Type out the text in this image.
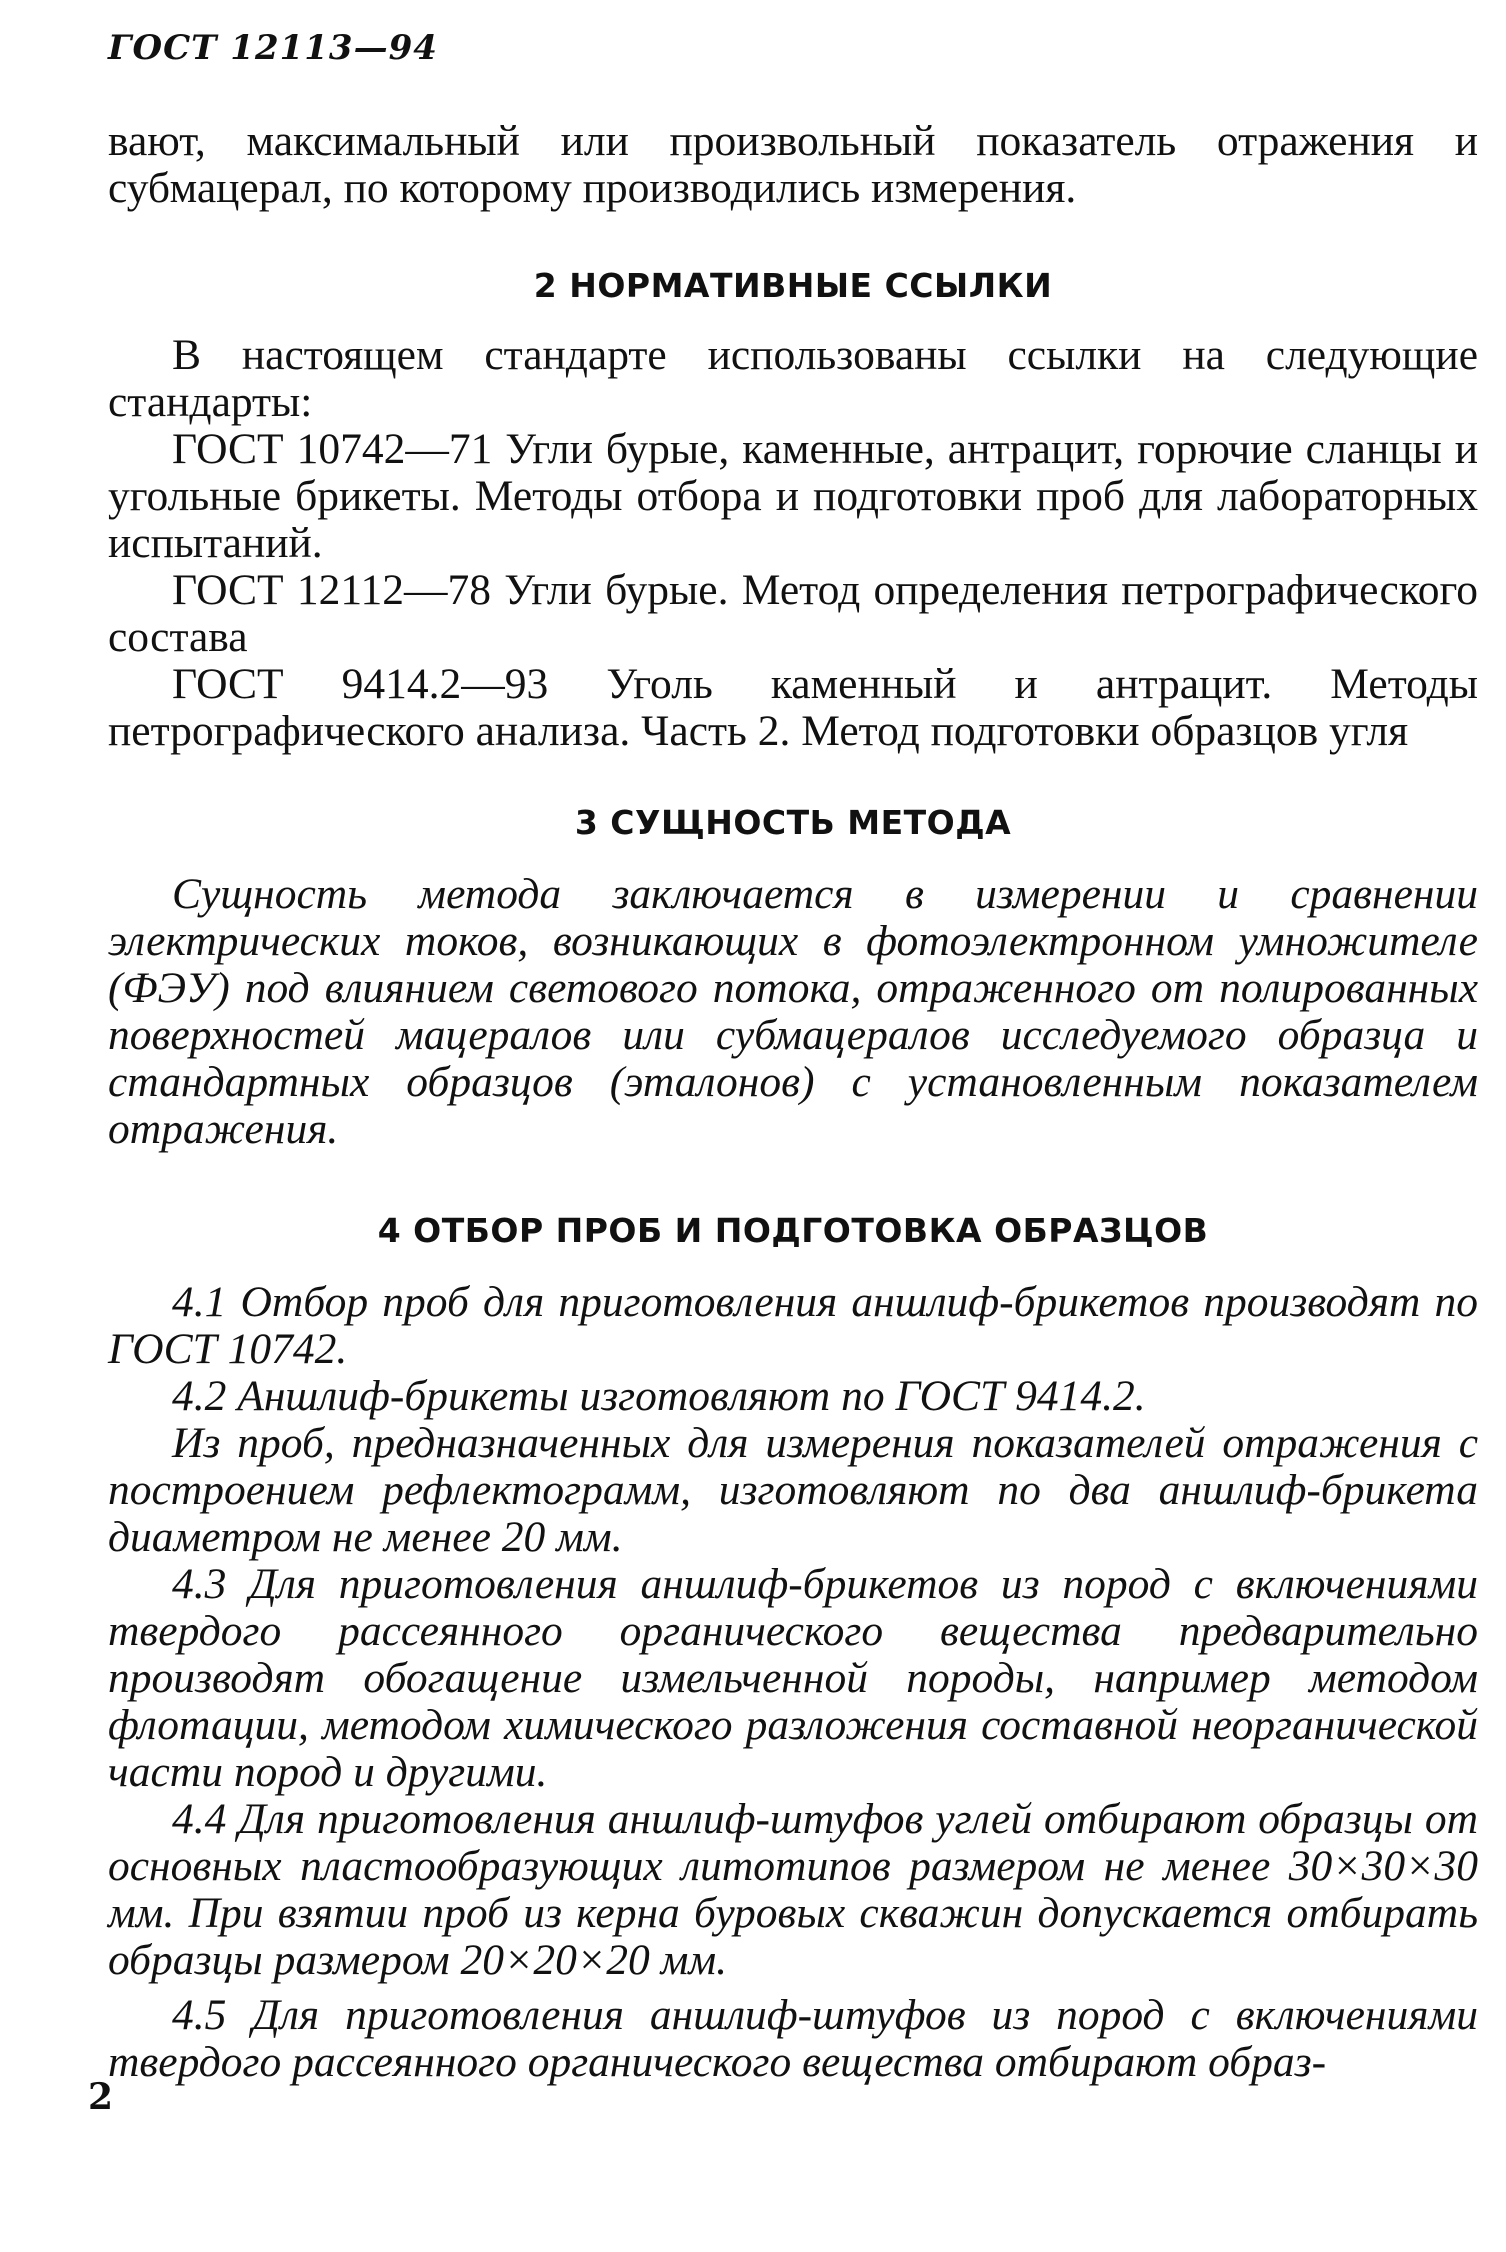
ГОСТ 12113—94

вают, максимальный или произвольный показатель отражения и субмацерал, по которому производились измерения.

2 НОРМАТИВНЫЕ ССЫЛКИ

В настоящем стандарте использованы ссылки на следующие стандарты:

ГОСТ 10742—71 Угли бурые, каменные, антрацит, горючие сланцы и угольные брикеты. Методы отбора и подготовки проб для лабораторных испытаний.

ГОСТ 12112—78 Угли бурые. Метод определения петрографического состава

ГОСТ 9414.2—93 Уголь каменный и антрацит. Методы петрографического анализа. Часть 2. Метод подготовки образцов угля

3 СУЩНОСТЬ МЕТОДА

Сущность метода заключается в измерении и сравнении электрических токов, возникающих в фотоэлектронном умножителе (ФЭУ) под влиянием светового потока, отраженного от полированных поверхностей мацералов или субмацералов исследуемого образца и стандартных образцов (эталонов) с установленным показателем отражения.

4 ОТБОР ПРОБ И ПОДГОТОВКА ОБРАЗЦОВ

4.1 Отбор проб для приготовления аншлиф-брикетов производят по ГОСТ 10742.

4.2 Аншлиф-брикеты изготовляют по ГОСТ 9414.2.

Из проб, предназначенных для измерения показателей отражения с построением рефлектограмм, изготовляют по два аншлиф-брикета диаметром не менее 20 мм.

4.3 Для приготовления аншлиф-брикетов из пород с включениями твердого рассеянного органического вещества предварительно производят обогащение измельченной породы, например методом флотации, методом химического разложения составной неорганической части пород и другими.

4.4 Для приготовления аншлиф-штуфов углей отбирают образцы от основных пластообразующих литотипов размером не менее 30×30×30 мм. При взятии проб из керна буровых скважин допускается отбирать образцы размером 20×20×20 мм.

4.5 Для приготовления аншлиф-штуфов из пород с включениями твердого рассеянного органического вещества отбирают образ-

2
